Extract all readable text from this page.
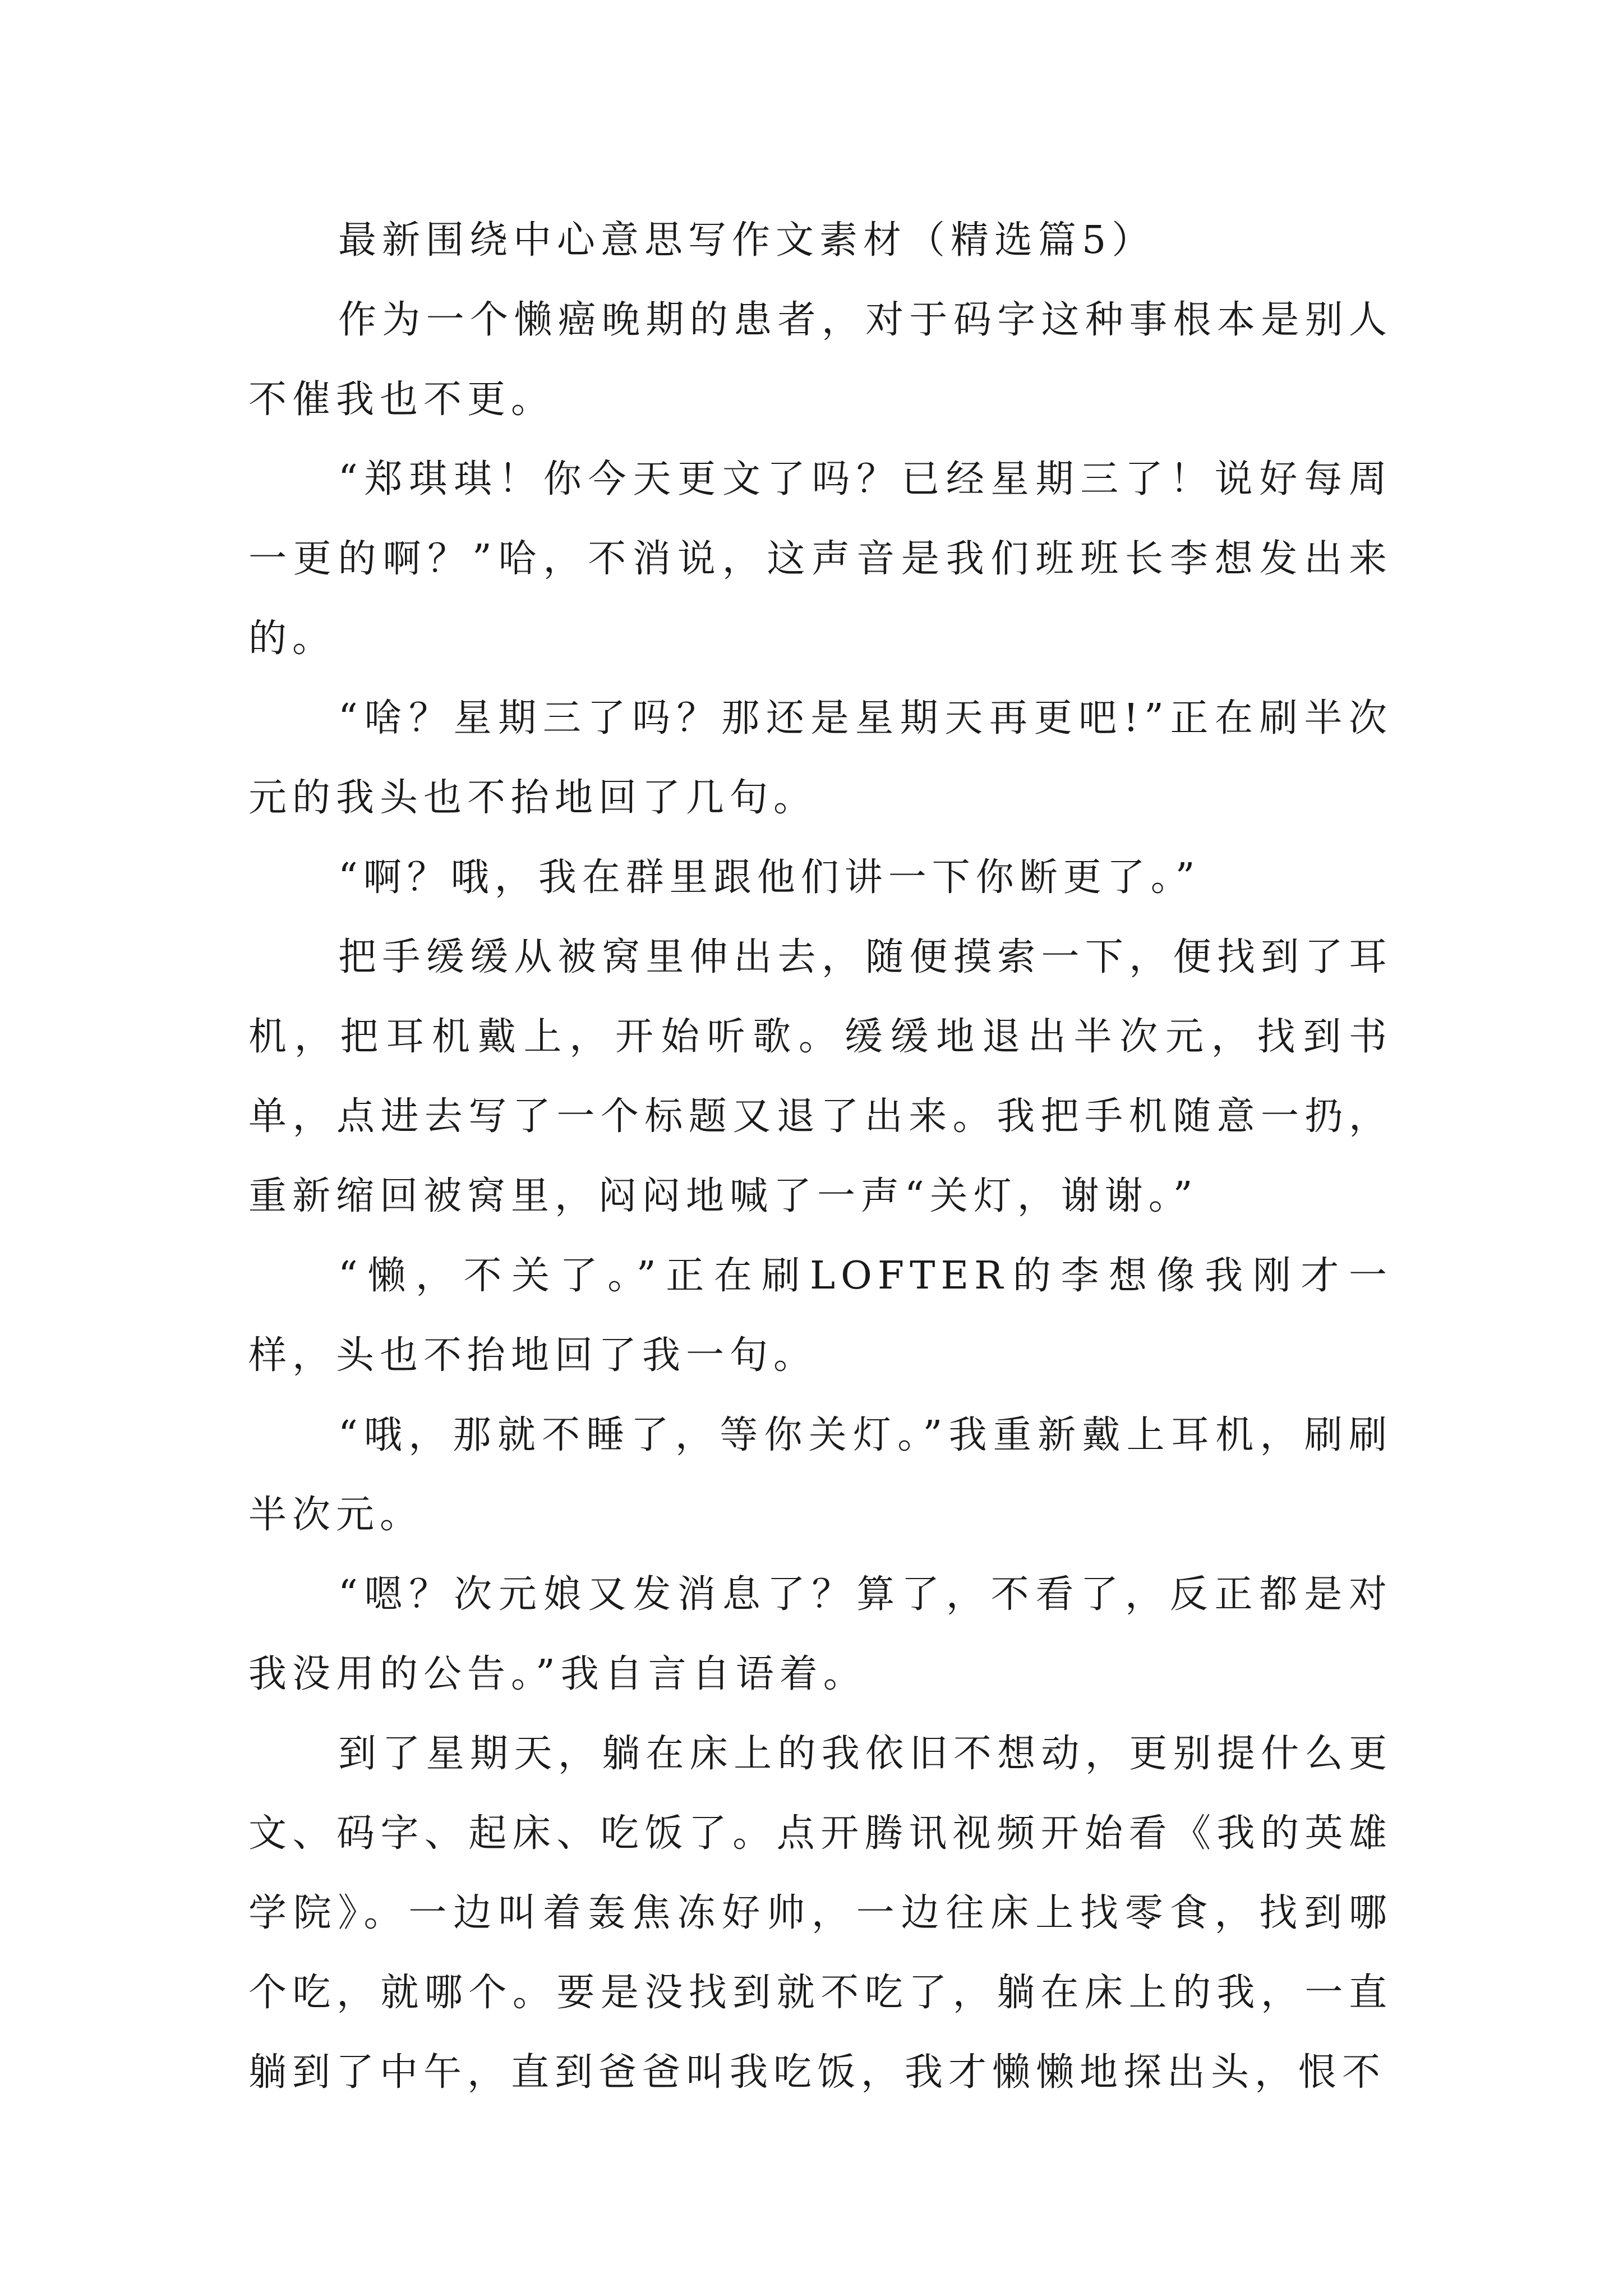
最新围绕中心意思写作文素材（精选篇5）

作为一个懒癌晚期的患者，对于码字这种事根本是别人不催我也不更。

“郑琪琪！你今天更文了吗？已经星期三了！说好每周一更的啊？”哈，不消说，这声音是我们班班长李想发出来的。

“啥？星期三了吗？那还是星期天再更吧!”正在刷半次元的我头也不抬地回了几句。

“啊？哦，我在群里跟他们讲一下你断更了。”

把手缓缓从被窝里伸出去，随便摸索一下，便找到了耳机，把耳机戴上，开始听歌。缓缓地退出半次元，找到书单，点进去写了一个标题又退了出来。我把手机随意一扔，重新缩回被窝里，闷闷地喊了一声“关灯，谢谢。”

“懒，不关了。”正在刷LOFTER的李想像我刚才一样，头也不抬地回了我一句。

“哦，那就不睡了，等你关灯。”我重新戴上耳机，刷刷半次元。

“嗯？次元娘又发消息了？算了，不看了，反正都是对我没用的公告。”我自言自语着。

到了星期天，躺在床上的我依旧不想动，更别提什么更文、码字、起床、吃饭了。点开腾讯视频开始看《我的英雄学院》。一边叫着轰焦冻好帅，一边往床上找零食，找到哪个吃，就哪个。要是没找到就不吃了，躺在床上的我，一直躺到了中午，直到爸爸叫我吃饭，我才懒懒地探出头，恨不
